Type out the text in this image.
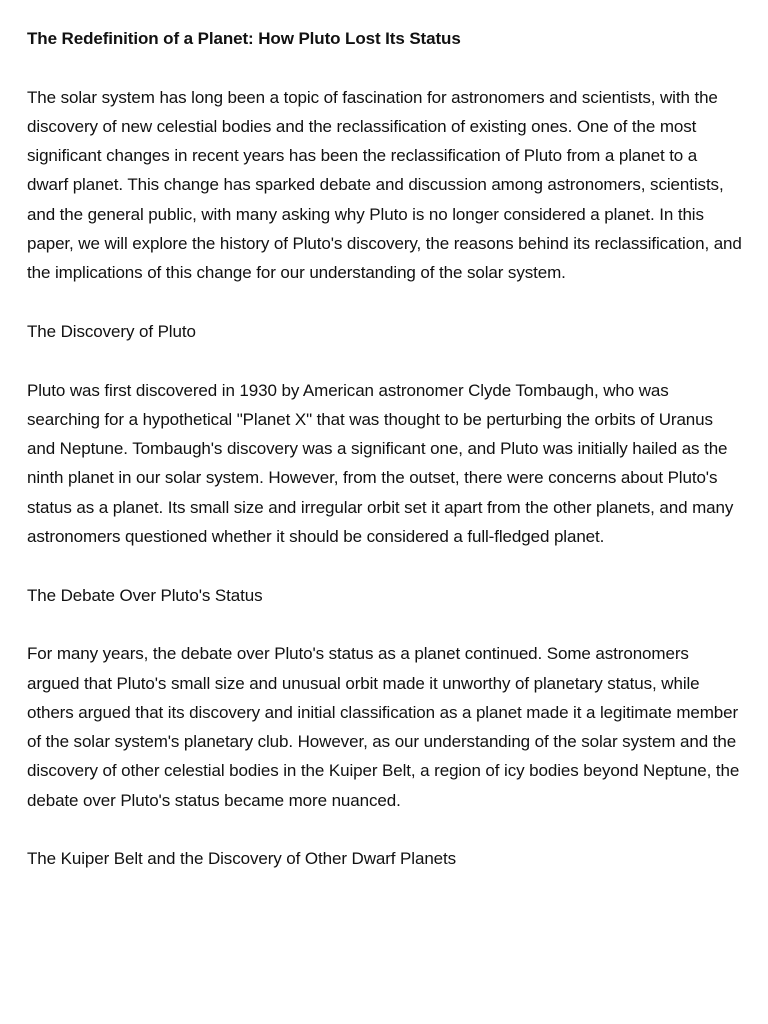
The Redefinition of a Planet: How Pluto Lost Its Status

The solar system has long been a topic of fascination for astronomers and scientists, with the discovery of new celestial bodies and the reclassification of existing ones. One of the most significant changes in recent years has been the reclassification of Pluto from a planet to a dwarf planet. This change has sparked debate and discussion among astronomers, scientists, and the general public, with many asking why Pluto is no longer considered a planet. In this paper, we will explore the history of Pluto's discovery, the reasons behind its reclassification, and the implications of this change for our understanding of the solar system.

The Discovery of Pluto

Pluto was first discovered in 1930 by American astronomer Clyde Tombaugh, who was searching for a hypothetical "Planet X" that was thought to be perturbing the orbits of Uranus and Neptune. Tombaugh's discovery was a significant one, and Pluto was initially hailed as the ninth planet in our solar system. However, from the outset, there were concerns about Pluto's status as a planet. Its small size and irregular orbit set it apart from the other planets, and many astronomers questioned whether it should be considered a full-fledged planet.

The Debate Over Pluto's Status

For many years, the debate over Pluto's status as a planet continued. Some astronomers argued that Pluto's small size and unusual orbit made it unworthy of planetary status, while others argued that its discovery and initial classification as a planet made it a legitimate member of the solar system's planetary club. However, as our understanding of the solar system and the discovery of other celestial bodies in the Kuiper Belt, a region of icy bodies beyond Neptune, the debate over Pluto's status became more nuanced.

The Kuiper Belt and the Discovery of Other Dwarf Planets
